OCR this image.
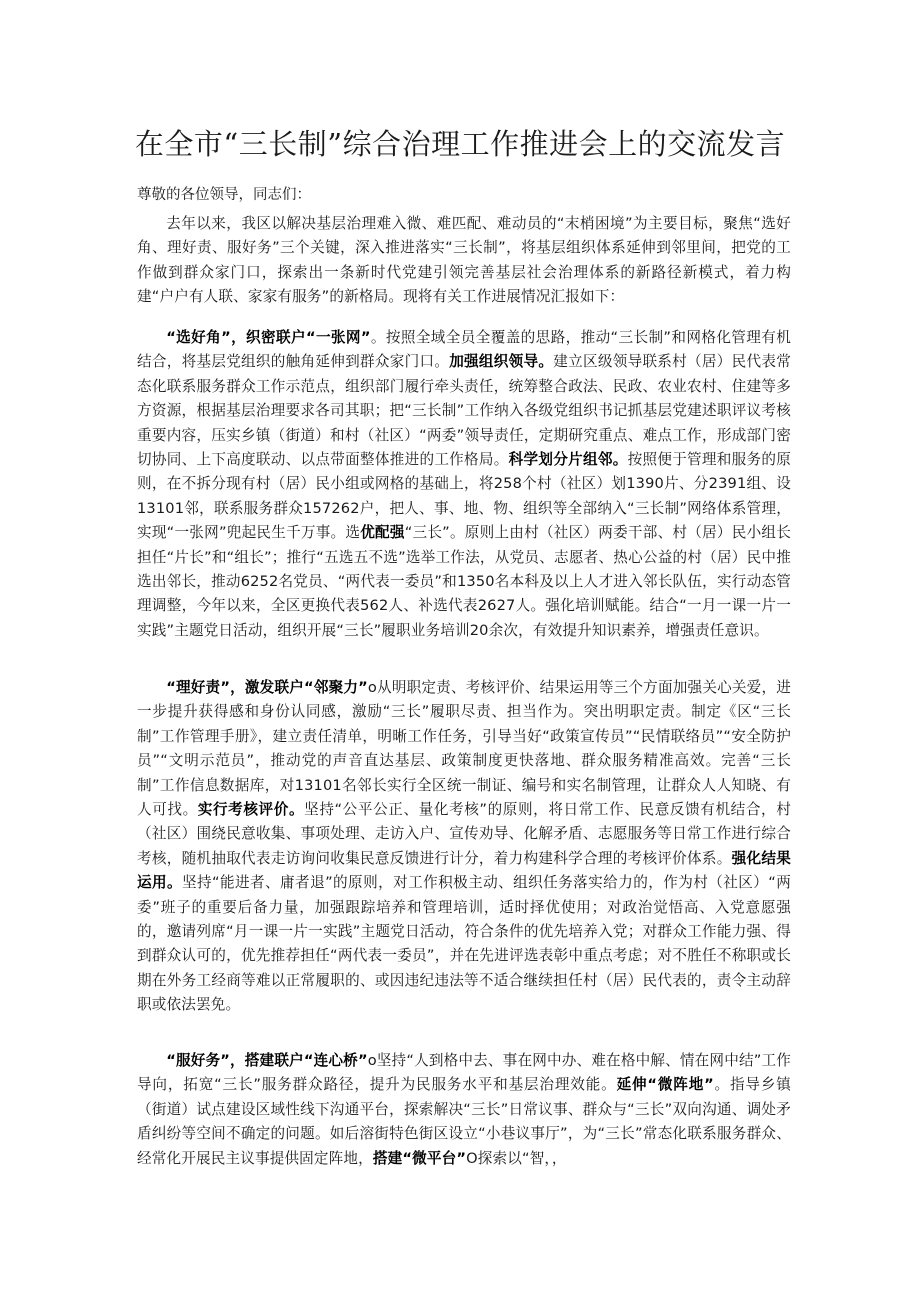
在全市“三长制”综合治理工作推进会上的交流发言

尊敬的各位领导，同志们：

去年以来，我区以解决基层治理难入微、难匹配、难动员的“末梢困境”为主要目标，聚焦“选好角、理好责、服好务”三个关键，深入推进落实“三长制”，将基层组织体系延伸到邻里间，把党的工作做到群众家门口，探索出一条新时代党建引领完善基层社会治理体系的新路径新模式，着力构建“户户有人联、家家有服务”的新格局。现将有关工作进展情况汇报如下：

“选好角”，织密联户“一张网”。按照全域全员全覆盖的思路，推动“三长制”和网格化管理有机结合，将基层党组织的触角延伸到群众家门口。加强组织领导。建立区级领导联系村（居）民代表常态化联系服务群众工作示范点，组织部门履行牵头责任，统筹整合政法、民政、农业农村、住建等多方资源，根据基层治理要求各司其职；把“三长制”工作纳入各级党组织书记抓基层党建述职评议考核重要内容，压实乡镇（街道）和村（社区）“两委”领导责任，定期研究重点、难点工作，形成部门密切协同、上下高度联动、以点带面整体推进的工作格局。科学划分片组邻。按照便于管理和服务的原则，在不拆分现有村（居）民小组或网格的基础上，将258个村（社区）划1390片、分2391组、设13101邻，联系服务群众157262户，把人、事、地、物、组织等全部纳入“三长制”网络体系管理，实现“一张网”兜起民生千万事。选优配强“三长”。原则上由村（社区）两委干部、村（居）民小组长担任“片长”和“组长”；推行“五选五不选”选举工作法，从党员、志愿者、热心公益的村（居）民中推选出邻长，推动6252名党员、“两代表一委员”和1350名本科及以上人才进入邻长队伍，实行动态管理调整，今年以来，全区更换代表562人、补选代表2627人。强化培训赋能。结合“一月一课一片一实践”主题党日活动，组织开展“三长”履职业务培训20余次，有效提升知识素养，增强责任意识。

“理好责”，激发联户“邻聚力”o从明职定责、考核评价、结果运用等三个方面加强关心关爱，进一步提升获得感和身份认同感，激励“三长”履职尽责、担当作为。突出明职定责。制定《区“三长制”工作管理手册》，建立责任清单，明晰工作任务，引导当好“政策宣传员”“民情联络员”“安全防护员”“文明示范员”，推动党的声音直达基层、政策制度更快落地、群众服务精准高效。完善“三长制”工作信息数据库，对13101名邻长实行全区统一制证、编号和实名制管理，让群众人人知晓、有人可找。实行考核评价。坚持“公平公正、量化考核”的原则，将日常工作、民意反馈有机结合，村（社区）围绕民意收集、事项处理、走访入户、宣传劝导、化解矛盾、志愿服务等日常工作进行综合考核，随机抽取代表走访询问收集民意反馈进行计分，着力构建科学合理的考核评价体系。强化结果运用。坚持“能进者、庸者退”的原则，对工作积极主动、组织任务落实给力的，作为村（社区）“两委”班子的重要后备力量，加强跟踪培养和管理培训，适时择优使用；对政治觉悟高、入党意愿强的，邀请列席“月一课一片一实践”主题党日活动，符合条件的优先培养入党；对群众工作能力强、得到群众认可的，优先推荐担任“两代表一委员”，并在先进评选表彰中重点考虑；对不胜任不称职或长期在外务工经商等难以正常履职的、或因违纪违法等不适合继续担任村（居）民代表的，责令主动辞职或依法罢免。

“服好务”，搭建联户“连心桥”o坚持“人到格中去、事在网中办、难在格中解、情在网中结”工作导向，拓宽“三长”服务群众路径，提升为民服务水平和基层治理效能。延伸“微阵地”。指导乡镇（街道）试点建设区域性线下沟通平台，探索解决“三长”日常议事、群众与“三长”双向沟通、调处矛盾纠纷等空间不确定的问题。如后溶街特色街区设立“小巷议事厅”，为“三长”常态化联系服务群众、经常化开展民主议事提供固定阵地，搭建“微平台”O探索以“智，，
